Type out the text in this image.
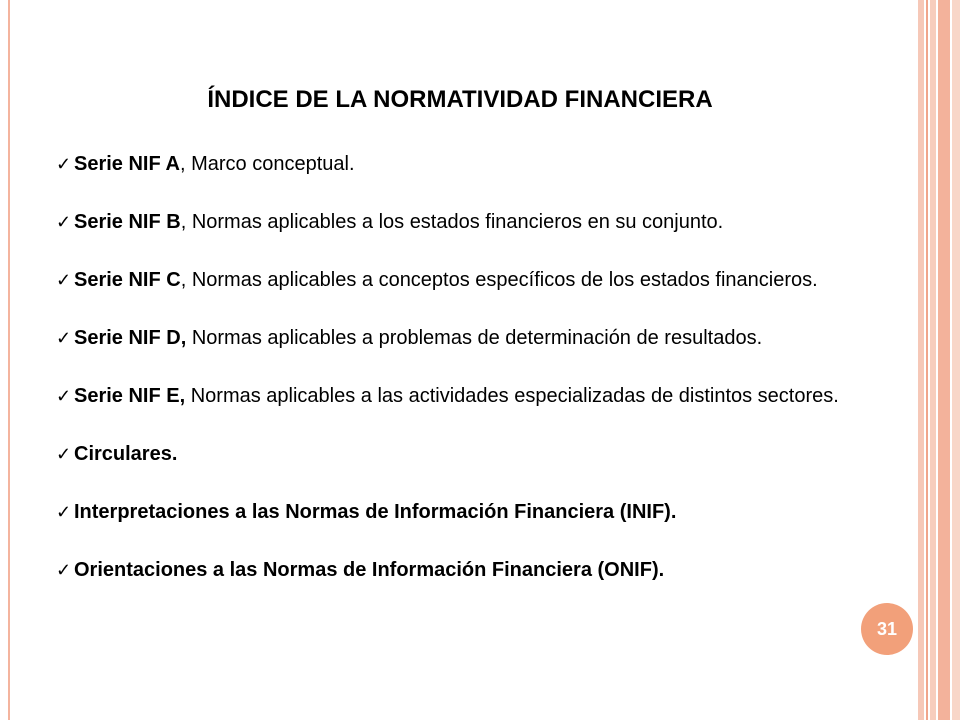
ÍNDICE DE LA NORMATIVIDAD FINANCIERA
✓ Serie NIF A, Marco conceptual.
✓ Serie NIF B, Normas aplicables a los estados financieros en su conjunto.
✓ Serie NIF C, Normas aplicables a conceptos específicos de los estados financieros.
✓ Serie NIF D, Normas aplicables a problemas de determinación de resultados.
✓ Serie NIF E, Normas aplicables a las actividades especializadas de distintos sectores.
✓ Circulares.
✓ Interpretaciones a las Normas de Información Financiera (INIF).
✓ Orientaciones a las Normas de Información Financiera (ONIF).
31
